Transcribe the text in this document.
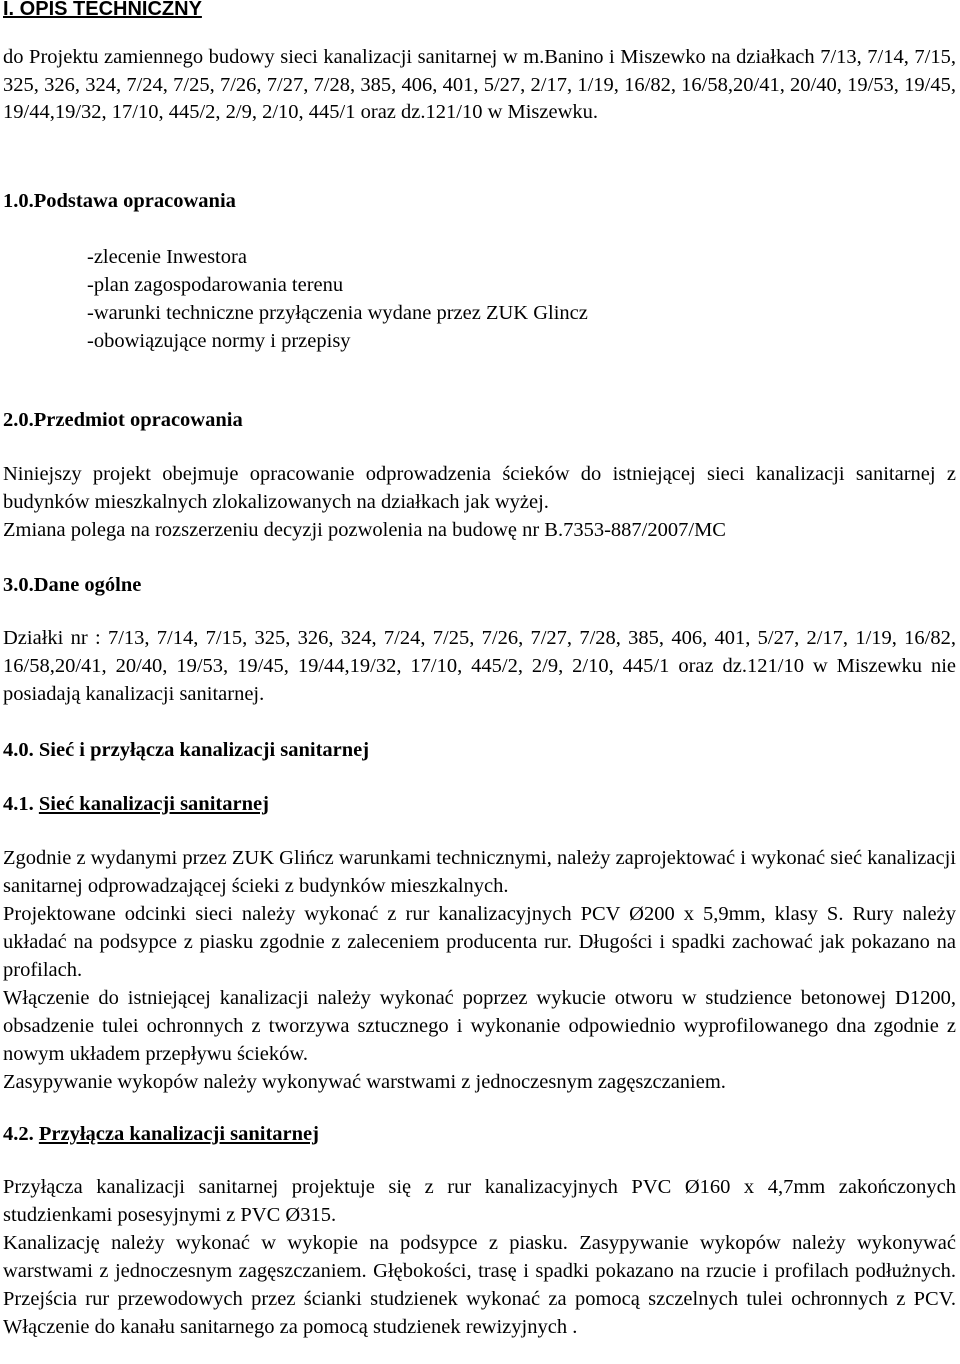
I. OPIS TECHNICZNY

do Projektu zamiennego budowy sieci kanalizacji sanitarnej w m.Banino i Miszewko na działkach 7/13, 7/14, 7/15, 325, 326, 324, 7/24, 7/25, 7/26, 7/27, 7/28, 385, 406, 401, 5/27, 2/17, 1/19, 16/82, 16/58,20/41, 20/40, 19/53, 19/45, 19/44,19/32, 17/10, 445/2, 2/9, 2/10, 445/1 oraz dz.121/10 w Miszewku.

1.0.Podstawa opracowania
-zlecenie Inwestora
-plan zagospodarowania terenu
-warunki techniczne przyłączenia wydane przez ZUK Glincz
-obowiązujące normy i przepisy
2.0.Przedmiot opracowania

Niniejszy projekt obejmuje opracowanie odprowadzenia ścieków do istniejącej sieci kanalizacji sanitarnej z budynków mieszkalnych zlokalizowanych na działkach jak wyżej.

Zmiana polega na rozszerzeniu decyzji pozwolenia na budowę nr B.7353-887/2007/MC

3.0.Dane ogólne

Działki nr : 7/13, 7/14, 7/15, 325, 326, 324, 7/24, 7/25, 7/26, 7/27, 7/28, 385, 406, 401, 5/27, 2/17, 1/19, 16/82, 16/58,20/41, 20/40, 19/53, 19/45, 19/44,19/32, 17/10, 445/2, 2/9, 2/10, 445/1 oraz dz.121/10 w Miszewku nie posiadają kanalizacji sanitarnej.

4.0. Sieć i przyłącza kanalizacji sanitarnej
4.1. Sieć kanalizacji sanitarnej

Zgodnie z wydanymi przez ZUK Glińcz warunkami technicznymi, należy zaprojektować i wykonać sieć kanalizacji sanitarnej odprowadzającej ścieki z budynków mieszkalnych.

Projektowane odcinki sieci należy wykonać z rur kanalizacyjnych PCV Ø200 x 5,9mm, klasy S. Rury należy układać na podsypce z piasku zgodnie z zaleceniem producenta rur. Długości i spadki zachować jak pokazano na profilach.

Włączenie do istniejącej kanalizacji należy wykonać poprzez wykucie otworu w studzience betonowej D1200, obsadzenie tulei ochronnych z tworzywa sztucznego i wykonanie odpowiednio wyprofilowanego dna zgodnie z nowym układem przepływu ścieków.

Zasypywanie wykopów należy wykonywać warstwami z jednoczesnym zagęszczaniem.

4.2. Przyłącza kanalizacji sanitarnej

Przyłącza kanalizacji sanitarnej projektuje się z rur kanalizacyjnych PVC Ø160 x 4,7mm zakończonych studzienkami posesyjnymi z PVC Ø315.

Kanalizację należy wykonać w wykopie na podsypce z piasku. Zasypywanie wykopów należy wykonywać warstwami z jednoczesnym zagęszczaniem. Głębokości, trasę i spadki pokazano na rzucie i profilach podłużnych. Przejścia rur przewodowych przez ścianki studzienek wykonać za pomocą szczelnych tulei ochronnych z PCV. Włączenie do kanału sanitarnego za pomocą studzienek rewizyjnych .
